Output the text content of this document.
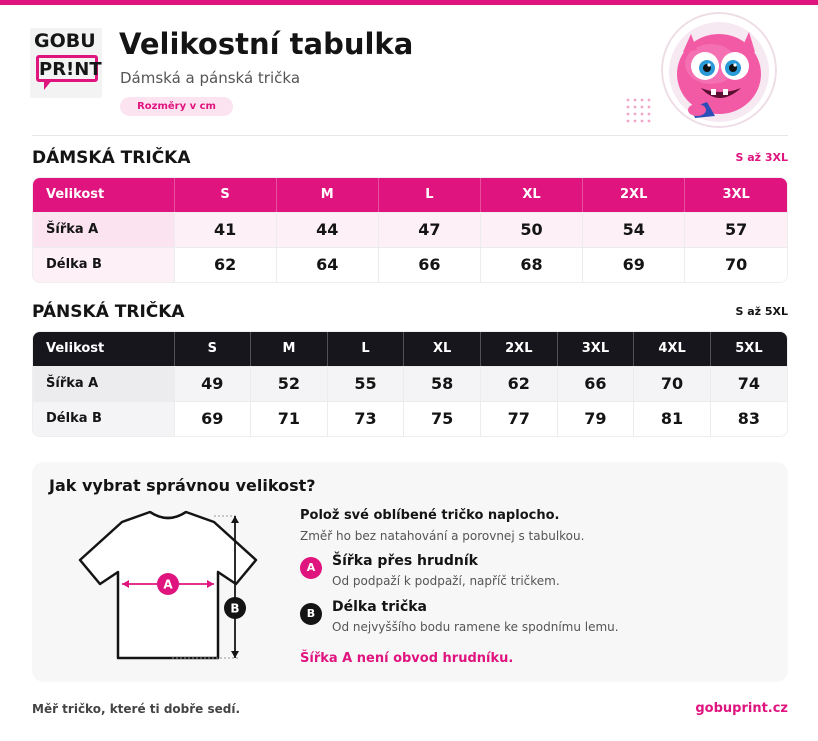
GOBU
PR!NT
Velikostní tabulka
Dámská a pánská trička
Rozměry v cm
DÁMSKÁ TRIČKA	S až 3XL
Velikost	S	M	L	XL	2XL	3XL
Šířka A	41	44	47	50	54	57
Délka B	62	64	66	68	69	70
PÁNSKÁ TRIČKA	S až 5XL
Velikost	S	M	L	XL	2XL	3XL	4XL	5XL
Šířka A	49	52	55	58	62	66	70	74
Délka B	69	71	73	75	77	79	81	83
Jak vybrat správnou velikost?
A
B
Polož své oblíbené tričko naplocho.
Změř ho bez natahování a porovnej s tabulkou.
A	Šířka přes hrudník
Od podpaží k podpaží, napříč tričkem.
B	Délka trička
Od nejvyššího bodu ramene ke spodnímu lemu.
Šířka A není obvod hrudníku.
Měř tričko, které ti dobře sedí.	gobuprint.cz
